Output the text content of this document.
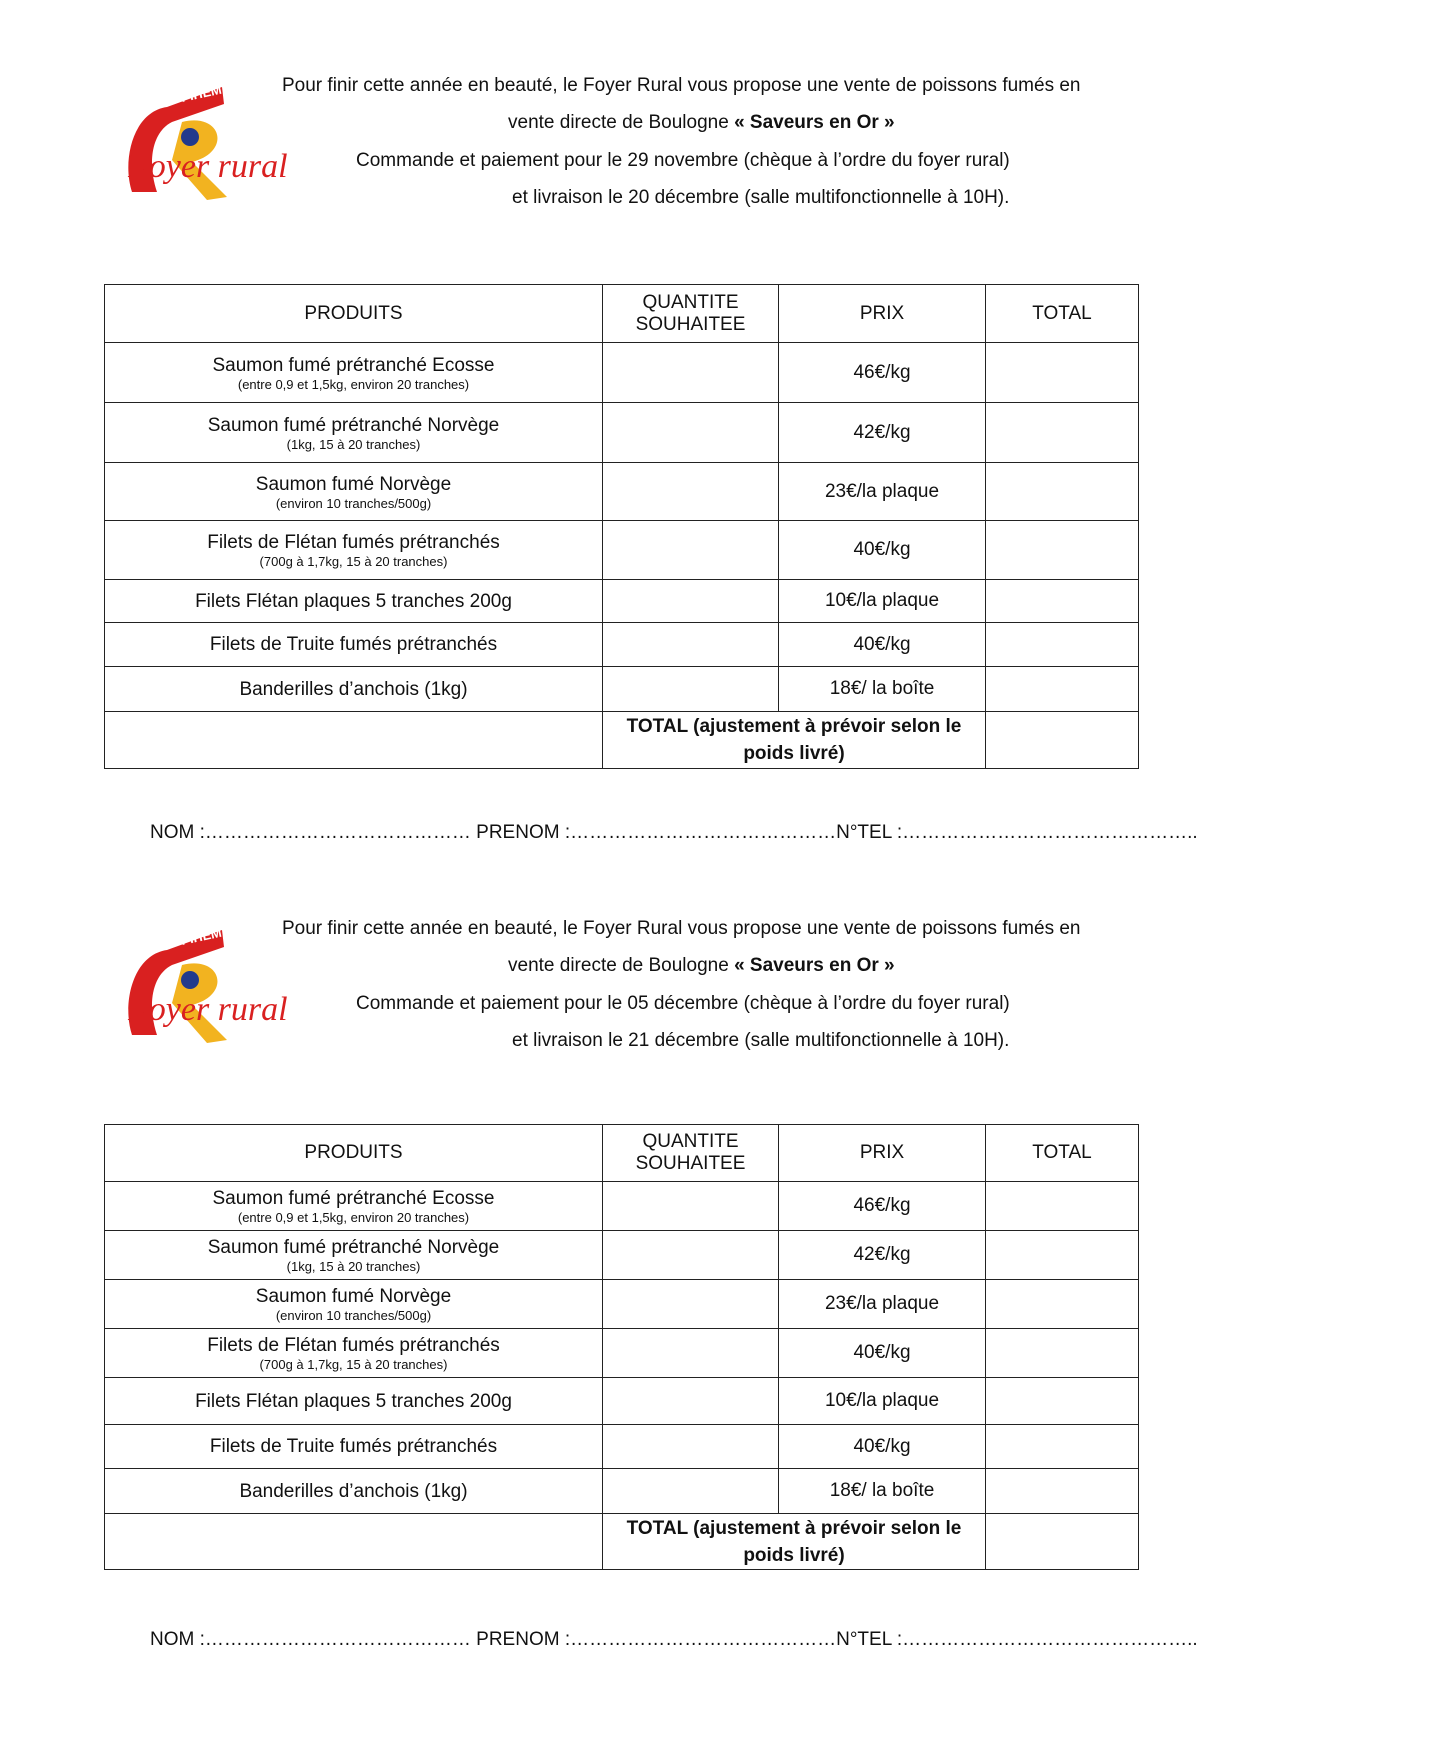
PIHEM
Foyer rural
Pour finir cette année en beauté, le Foyer Rural vous propose une vente de poissons fumés en
vente directe de Boulogne « Saveurs en Or »
Commande et paiement pour le 29 novembre (chèque à l’ordre du foyer rural)
et livraison le 20 décembre (salle multifonctionnelle à 10H).
PRODUITS	QUANTITE SOUHAITEE	PRIX	TOTAL

Saumon fumé prétranché Ecosse
(entre 0,9 et 1,5kg, environ 20 tranches)		46€/kg	

Saumon fumé prétranché Norvège
(1kg, 15 à 20 tranches)		42€/kg	

Saumon fumé Norvège
(environ 10 tranches/500g)		23€/la plaque	

Filets de Flétan fumés prétranchés
(700g à 1,7kg, 15 à 20 tranches)		40€/kg	

Filets Flétan plaques 5 tranches 200g		10€/la plaque	

Filets de Truite fumés prétranchés		40€/kg	

Banderilles d’anchois (1kg)		18€/ la boîte	
	TOTAL (ajustement à prévoir selon le poids livré)		
NOM :…………………………………… PRENOM :……………………………………N°TEL :………………………………………..
PIHEM
Foyer rural
Pour finir cette année en beauté, le Foyer Rural vous propose une vente de poissons fumés en
vente directe de Boulogne « Saveurs en Or »
Commande et paiement pour le 05 décembre (chèque à l’ordre du foyer rural)
et livraison le 21 décembre (salle multifonctionnelle à 10H).
PRODUITS	QUANTITE SOUHAITEE	PRIX	TOTAL

Saumon fumé prétranché Ecosse
(entre 0,9 et 1,5kg, environ 20 tranches)		46€/kg	

Saumon fumé prétranché Norvège
(1kg, 15 à 20 tranches)		42€/kg	

Saumon fumé Norvège
(environ 10 tranches/500g)		23€/la plaque	

Filets de Flétan fumés prétranchés
(700g à 1,7kg, 15 à 20 tranches)		40€/kg	

Filets Flétan plaques 5 tranches 200g		10€/la plaque	

Filets de Truite fumés prétranchés		40€/kg	

Banderilles d’anchois (1kg)		18€/ la boîte	
	TOTAL (ajustement à prévoir selon le poids livré)		
NOM :…………………………………… PRENOM :……………………………………N°TEL :………………………………………..
